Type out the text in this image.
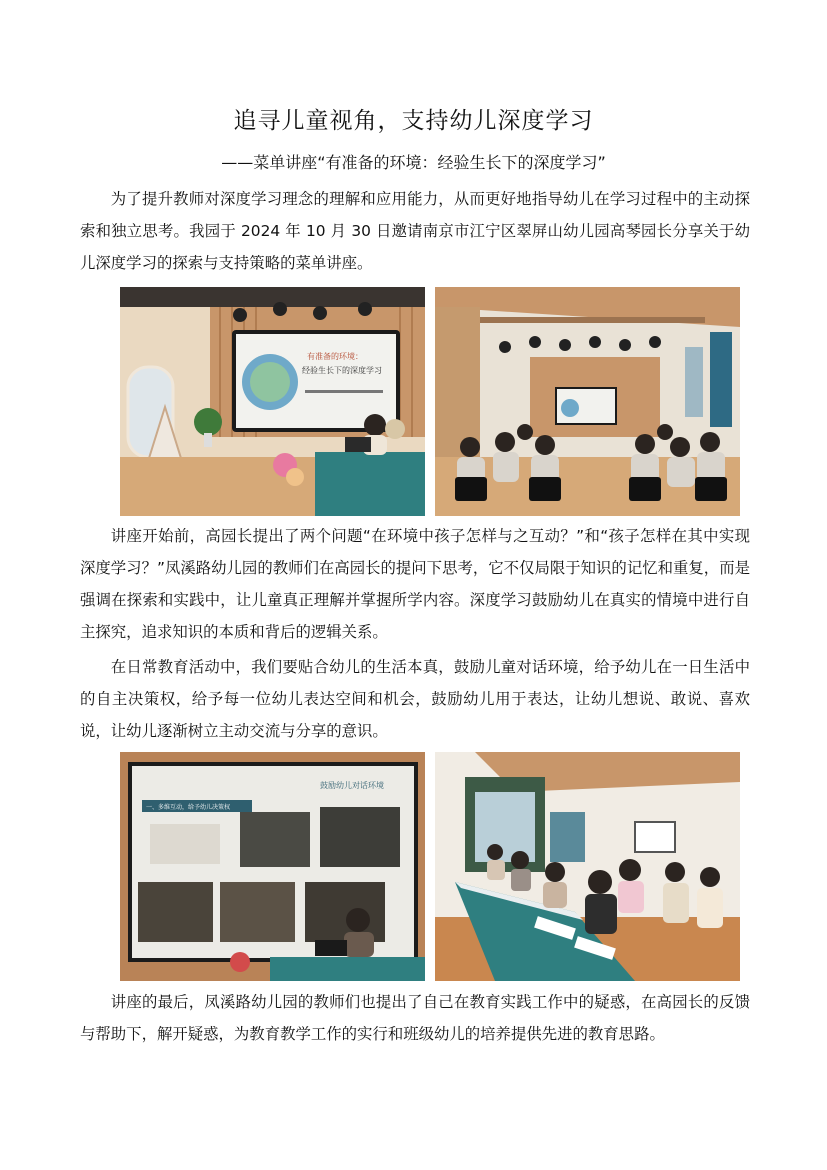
追寻儿童视角，支持幼儿深度学习
——菜单讲座“有准备的环境：经验生长下的深度学习”

为了提升教师对深度学习理念的理解和应用能力，从而更好地指导幼儿在学习过程中的主动探索和独立思考。我园于 2024 年 10 月 30 日邀请南京市江宁区翠屏山幼儿园高琴园长分享关于幼儿深度学习的探索与支持策略的菜单讲座。

有准备的环境：
经验生长下的深度学习

讲座开始前，高园长提出了两个问题“在环境中孩子怎样与之互动？”和“孩子怎样在其中实现深度学习？”凤溪路幼儿园的教师们在高园长的提问下思考，它不仅局限于知识的记忆和重复，而是强调在探索和实践中，让儿童真正理解并掌握所学内容。深度学习鼓励幼儿在真实的情境中进行自主探究，追求知识的本质和背后的逻辑关系。

在日常教育活动中，我们要贴合幼儿的生活本真，鼓励儿童对话环境，给予幼儿在一日生活中的自主决策权，给予每一位幼儿表达空间和机会，鼓励幼儿用于表达，让幼儿想说、敢说、喜欢说，让幼儿逐渐树立主动交流与分享的意识。

鼓励幼儿对话环境
一、多维互动，给予幼儿决策权

讲座的最后，凤溪路幼儿园的教师们也提出了自己在教育实践工作中的疑惑，在高园长的反馈与帮助下，解开疑惑，为教育教学工作的实行和班级幼儿的培养提供先进的教育思路。
